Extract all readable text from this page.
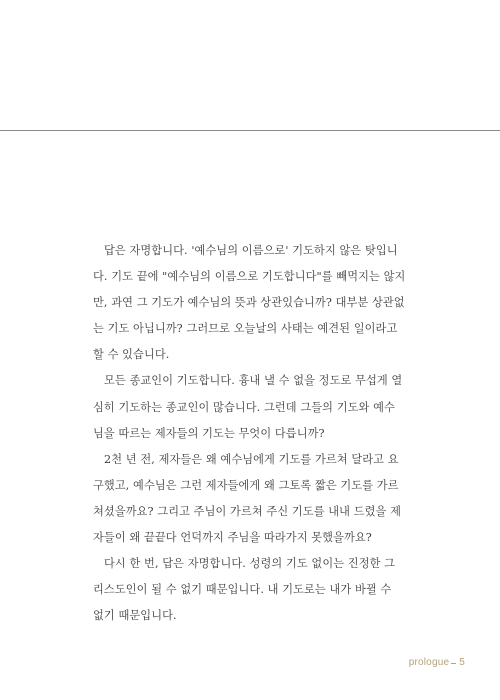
답은 자명합니다. '예수님의 이름으로' 기도하지 않은 탓입니
다. 기도 끝에 "예수님의 이름으로 기도합니다"를 빼먹지는 않지
만, 과연 그 기도가 예수님의 뜻과 상관있습니까? 대부분 상관없
는 기도 아닙니까? 그러므로 오늘날의 사태는 예견된 일이라고
할 수 있습니다.
모든 종교인이 기도합니다. 흉내 낼 수 없을 정도로 무섭게 열
심히 기도하는 종교인이 많습니다. 그런데 그들의 기도와 예수
님을 따르는 제자들의 기도는 무엇이 다릅니까?
2천 년 전, 제자들은 왜 예수님에게 기도를 가르쳐 달라고 요
구했고, 예수님은 그런 제자들에게 왜 그토록 짧은 기도를 가르
쳐셨을까요? 그리고 주님이 가르쳐 주신 기도를 내내 드렸을 제
자들이 왜 끝끝다 언덕까지 주님을 따라가지 못했을까요?
다시 한 번, 답은 자명합니다. 성령의 기도 없이는 진정한 그
리스도인이 될 수 없기 때문입니다. 내 기도로는 내가 바뀔 수
없기 때문입니다.
prologue 5
